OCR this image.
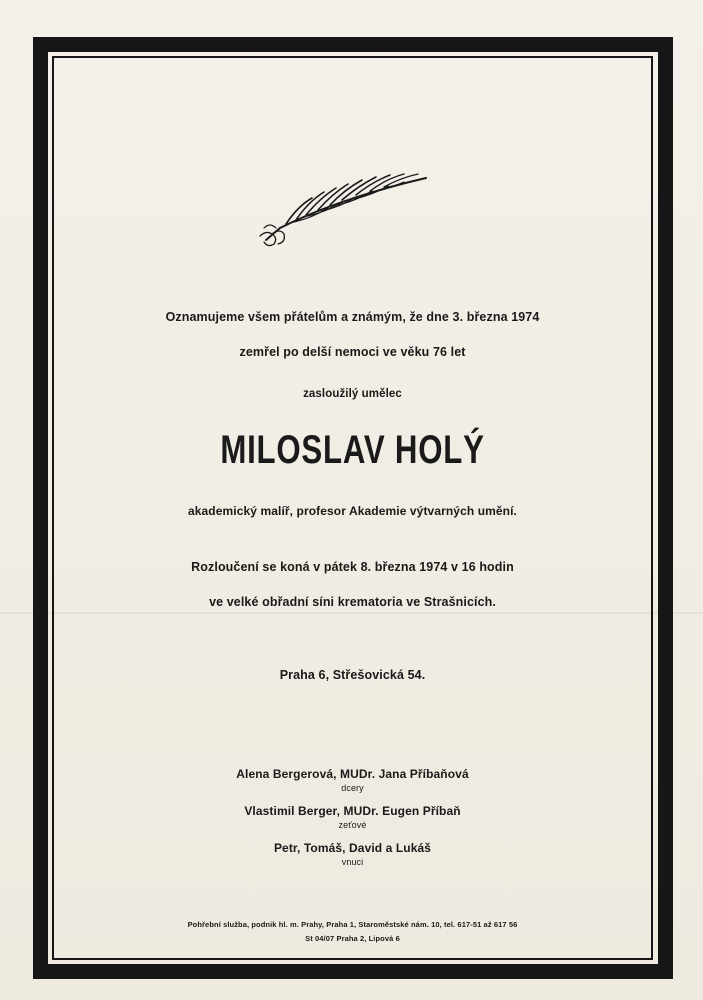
Oznamujeme všem přátelům a známým, že dne 3. března 1974
zemřel po delší nemoci ve věku 76 let
zasloužilý umělec
MILOSLAV HOLÝ
akademický malíř, profesor Akademie výtvarných umění.
Rozloučení se koná v pátek 8. března 1974 v 16 hodin
ve velké obřadní síni krematoria ve Strašnicích.
Praha 6, Střešovická 54.
Alena Bergerová, MUDr. Jana Příbaňová
dcery
Vlastimil Berger, MUDr. Eugen Příbaň
zeťové
Petr, Tomáš, David a Lukáš
vnuci
Pohřební služba, podnik hl. m. Prahy, Praha 1, Staroměstské nám. 10, tel. 617-51 až 617 56
St 04/07 Praha 2, Lipová 6
